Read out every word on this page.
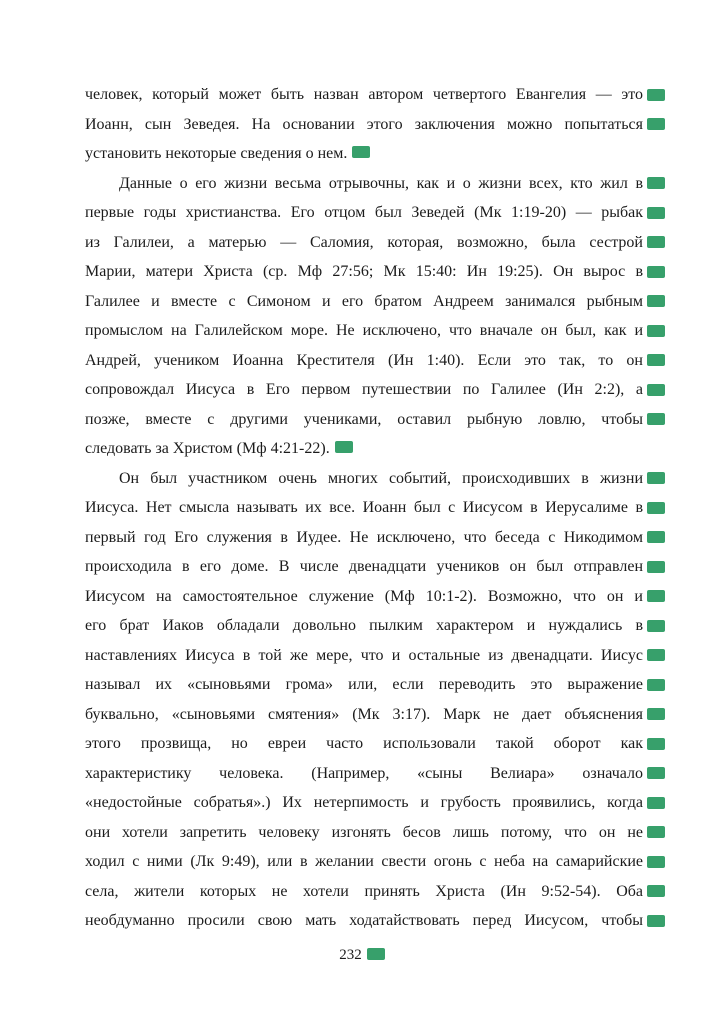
человек, который может быть назван автором четвертого Евангелия — это
Иоанн, сын Зеведея. На основании этого заключения можно попытаться
установить некоторые сведения о нем.
Данные о его жизни весьма отрывочны, как и о жизни всех, кто жил в
первые годы христианства. Его отцом был Зеведей (Мк 1:19-20) — рыбак
из Галилеи, а матерью — Саломия, которая, возможно, была сестрой
Марии, матери Христа (ср. Мф 27:56; Мк 15:40: Ин 19:25). Он вырос в
Галилее и вместе с Симоном и его братом Андреем занимался рыбным
промыслом на Галилейском море. Не исключено, что вначале он был, как и
Андрей, учеником Иоанна Крестителя (Ин 1:40). Если это так, то он
сопровождал Иисуса в Его первом путешествии по Галилее (Ин 2:2), а
позже, вместе с другими учениками, оставил рыбную ловлю, чтобы
следовать за Христом (Мф 4:21-22).
Он был участником очень многих событий, происходивших в жизни
Иисуса. Нет смысла называть их все. Иоанн был с Иисусом в Иерусалиме в
первый год Его служения в Иудее. Не исключено, что беседа с Никодимом
происходила в его доме. В числе двенадцати учеников он был отправлен
Иисусом на самостоятельное служение (Мф 10:1-2). Возможно, что он и
его брат Иаков обладали довольно пылким характером и нуждались в
наставлениях Иисуса в той же мере, что и остальные из двенадцати. Иисус
называл их «сыновьями грома» или, если переводить это выражение
буквально, «сыновьями смятения» (Мк 3:17). Марк не дает объяснения
этого прозвища, но евреи часто использовали такой оборот как
характеристику человека. (Например, «сыны Велиара» означало
«недостойные собратья».) Их нетерпимость и грубость проявились, когда
они хотели запретить человеку изгонять бесов лишь потому, что он не
ходил с ними (Лк 9:49), или в желании свести огонь с неба на самарийские
села, жители которых не хотели принять Христа (Ин 9:52-54). Оба
необдуманно просили свою мать ходатайствовать перед Иисусом, чтобы
232
